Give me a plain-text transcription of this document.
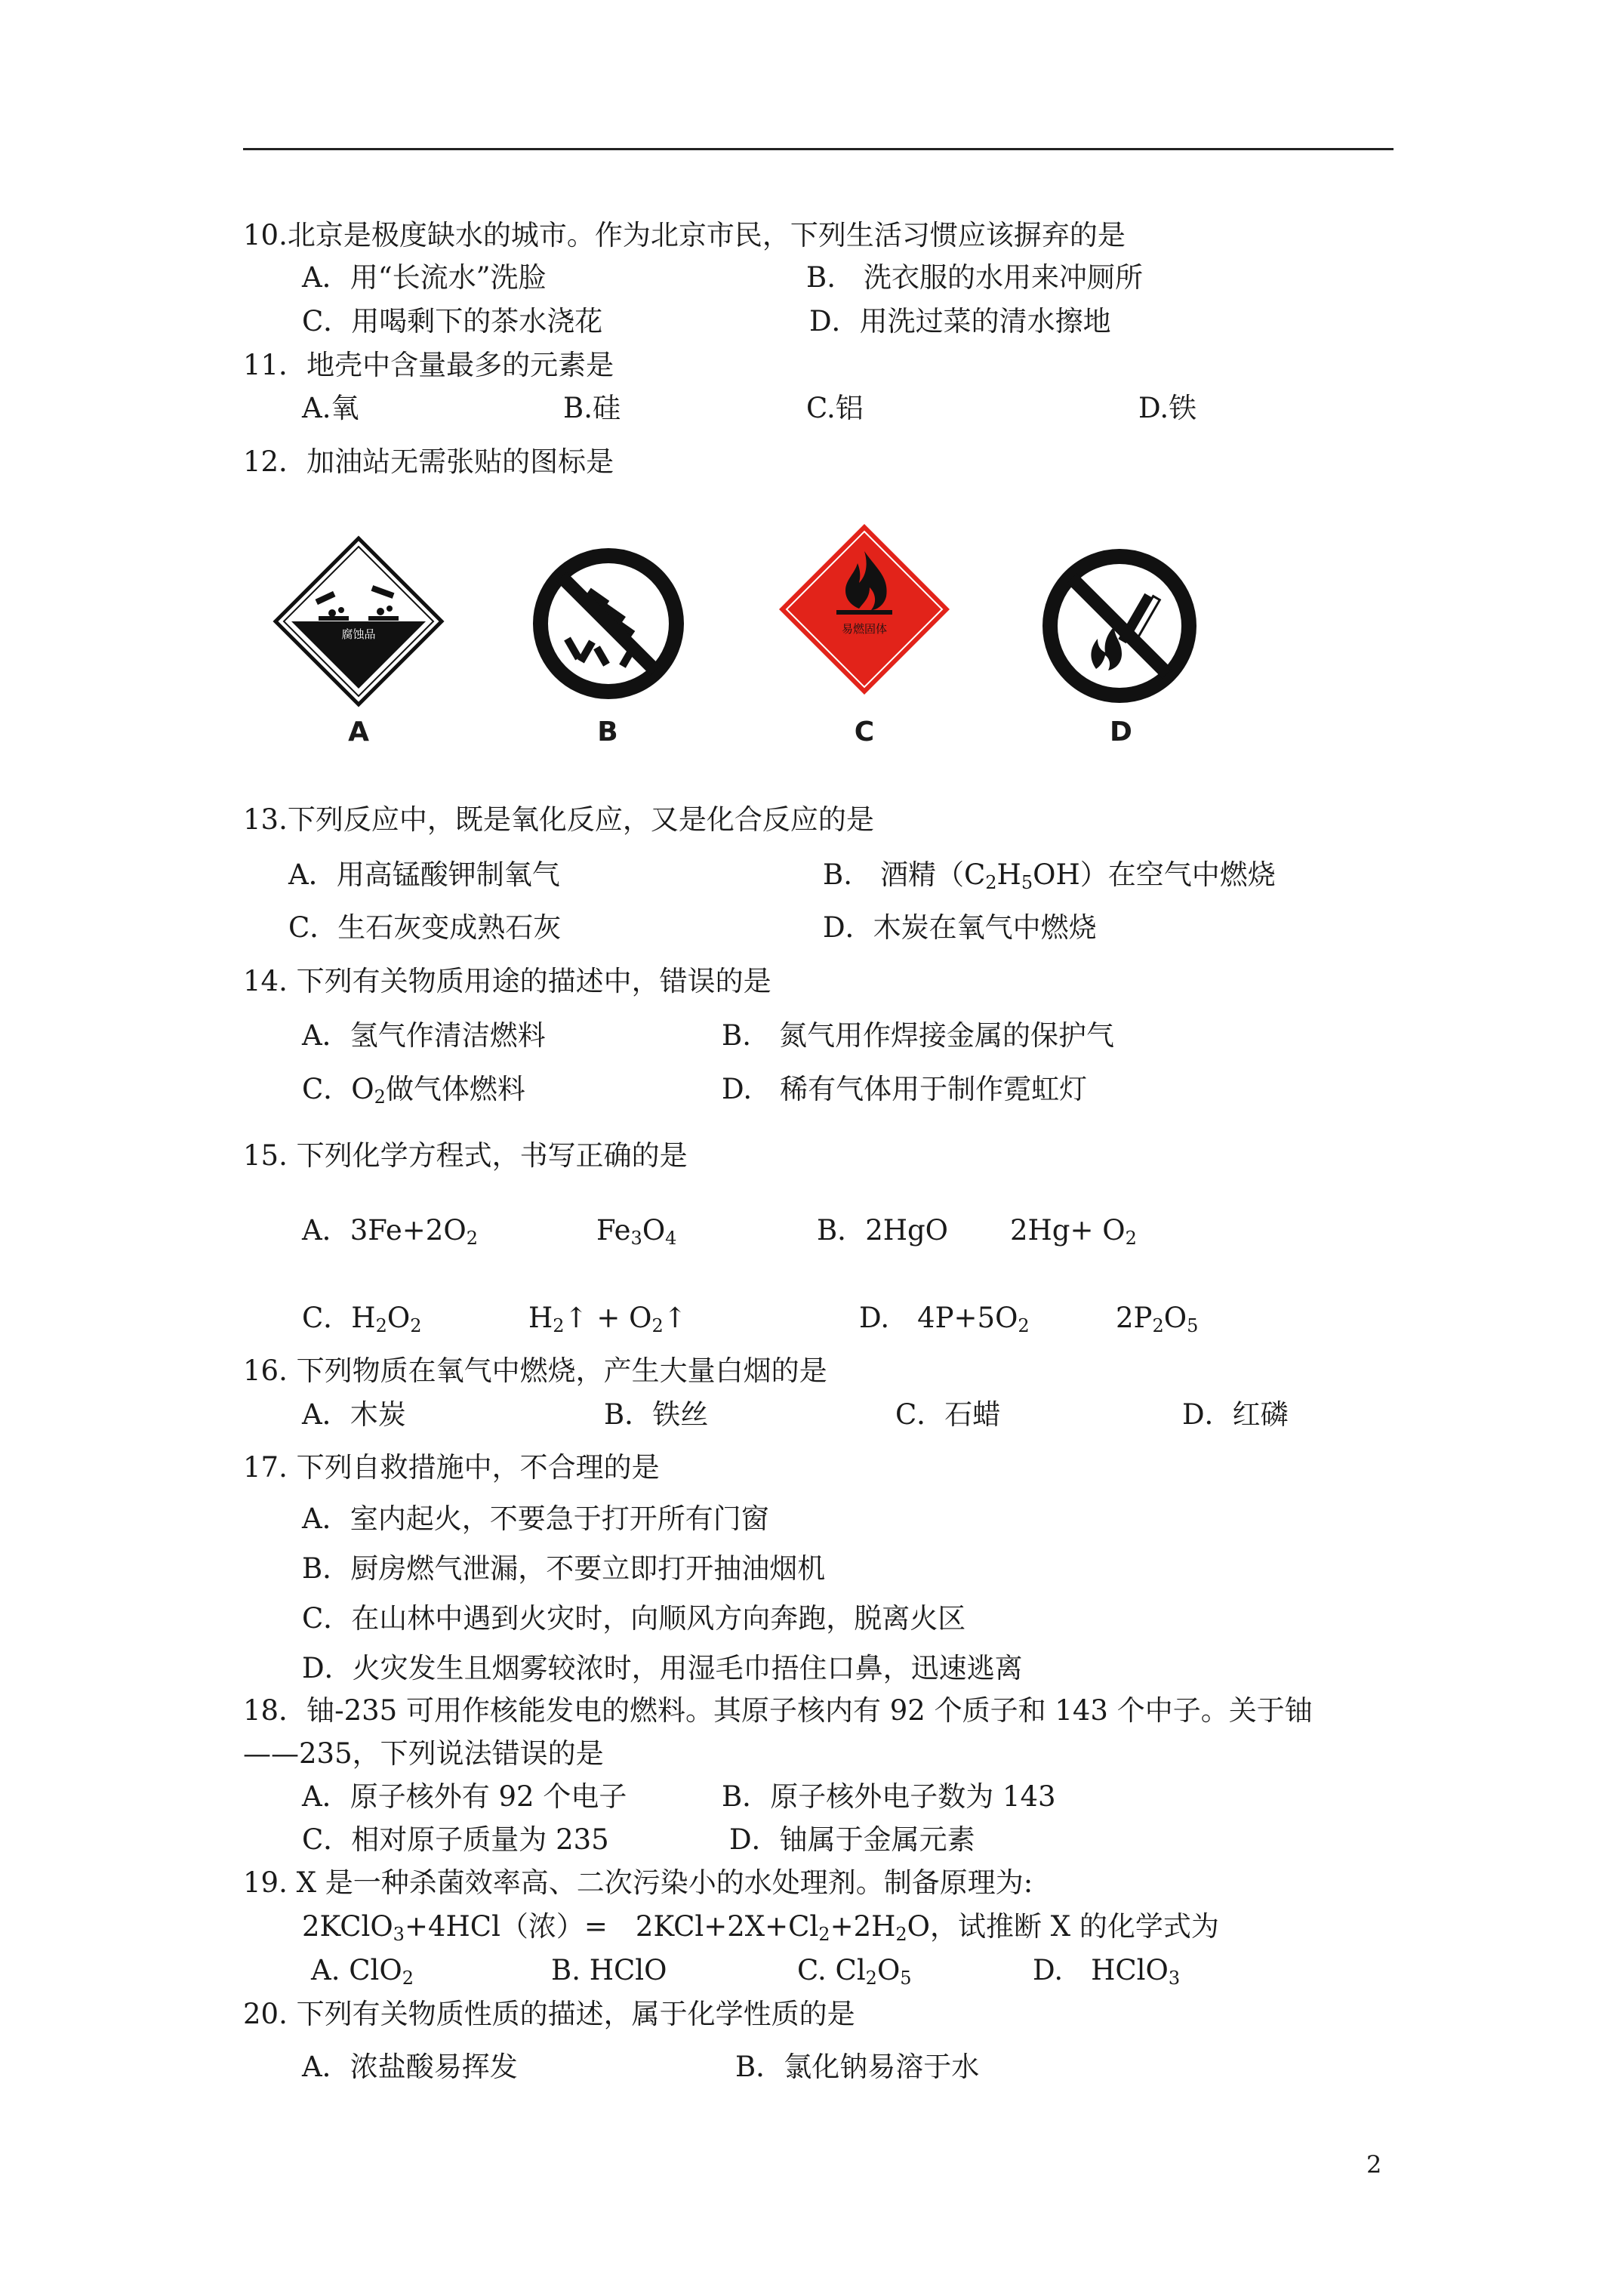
10.北京是极度缺水的城市。作为北京市民，下列生活习惯应该摒弃的是
A．用“长流水”洗脸	B.　洗衣服的水用来冲厕所
C．用喝剩下的茶水浇花	D．用洗过菜的清水擦地
11．地壳中含量最多的元素是
A.氧	B.硅	C.铝	D.铁
12．加油站无需张贴的图标是
腐蚀品
A	B
易燃固体
C	D
13.下列反应中，既是氧化反应，又是化合反应的是
A．用高锰酸钾制氧气	B.　酒精$(C_2H_5OH)$在空气中燃烧
C．生石灰变成熟石灰	D．木炭在氧气中燃烧
14. 下列有关物质用途的描述中，错误的是
A．氢气作清洁燃料	B.　氮气用作焊接金属的保护气
C．$O_2$做气体燃料	D.　稀有气体用于制作霓虹灯
15. 下列化学方程式，书写正确的是
A．$3Fe+2O_2$	$Fe_3O_4$	B．2HgO $2Hg+ O_2$
C．$H_2O_2$	$H_2↑$ + $O_2↑$	D.　$4P+5O_2$	$2P_2O_5$
16. 下列物质在氧气中燃烧，产生大量白烟的是
A．木炭	B．铁丝	C．石蜡	D．红磷
17. 下列自救措施中，不合理的是
A．室内起火，不要急于打开所有门窗
B．厨房燃气泄漏，不要立即打开抽油烟机
C．在山林中遇到火灾时，向顺风方向奔跑，脱离火区
D．火灾发生且烟雾较浓时，用湿毛巾捂住口鼻，迅速逃离
18．铀-235 可用作核能发电的燃料。其原子核内有 92 个质子和 143 个中子。关于铀
——235，下列说法错误的是
A．原子核外有 92 个电子	B．原子核外电子数为 143
C．相对原子质量为 235	D．铀属于金属元素
19. X 是一种杀菌效率高、二次污染小的水处理剂。制备原理为:
2KClO$_3$+4HCl（浓）=　$2KCl+2X+Cl_2+2H_2O$，试推断 X 的化学式为
A. ClO$_2$	B. HClO	C. $Cl_2O_5$	D.　HClO$_3$
20. 下列有关物质性质的描述，属于化学性质的是
A．浓盐酸易挥发	B．氯化钠易溶于水
2
